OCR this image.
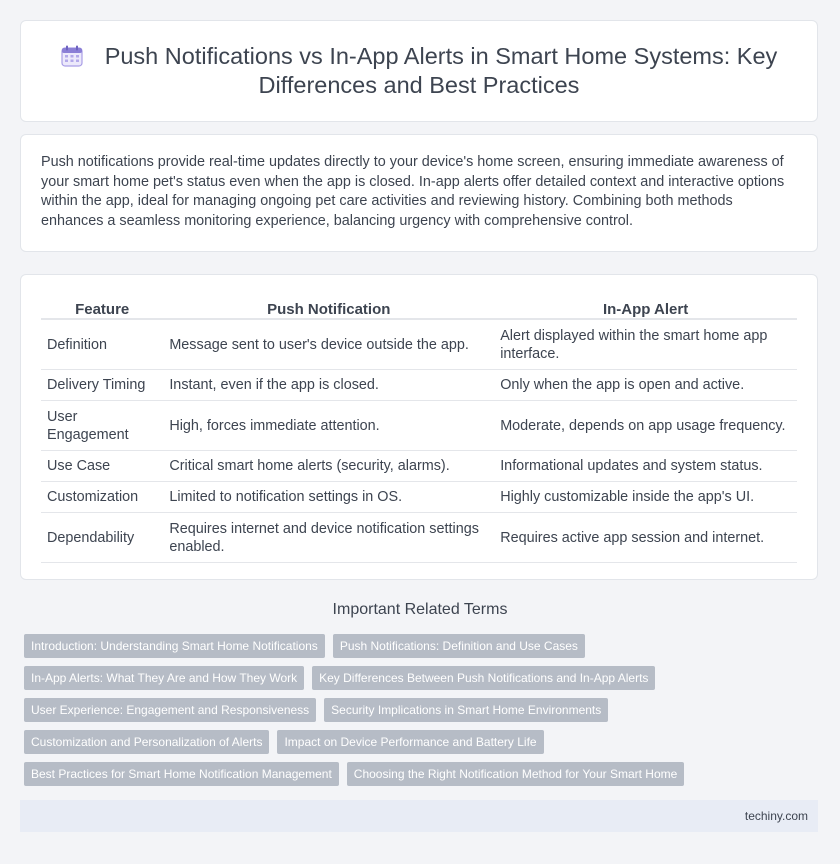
Push Notifications vs In-App Alerts in Smart Home Systems: Key Differences and Best Practices
Push notifications provide real-time updates directly to your device's home screen, ensuring immediate awareness of your smart home pet's status even when the app is closed. In-app alerts offer detailed context and interactive options within the app, ideal for managing ongoing pet care activities and reviewing history. Combining both methods enhances a seamless monitoring experience, balancing urgency with comprehensive control.
Feature	Push Notification	In-App Alert
Definition	Message sent to user's device outside the app.	Alert displayed within the smart home app interface.
Delivery Timing	Instant, even if the app is closed.	Only when the app is open and active.
User Engagement	High, forces immediate attention.	Moderate, depends on app usage frequency.
Use Case	Critical smart home alerts (security, alarms).	Informational updates and system status.
Customization	Limited to notification settings in OS.	Highly customizable inside the app's UI.
Dependability	Requires internet and device notification settings enabled.	Requires active app session and internet.
Important Related Terms
Introduction: Understanding Smart Home Notifications	Push Notifications: Definition and Use Cases
In-App Alerts: What They Are and How They Work	Key Differences Between Push Notifications and In-App Alerts
User Experience: Engagement and Responsiveness	Security Implications in Smart Home Environments
Customization and Personalization of Alerts	Impact on Device Performance and Battery Life
Best Practices for Smart Home Notification Management	Choosing the Right Notification Method for Your Smart Home
techiny.com
